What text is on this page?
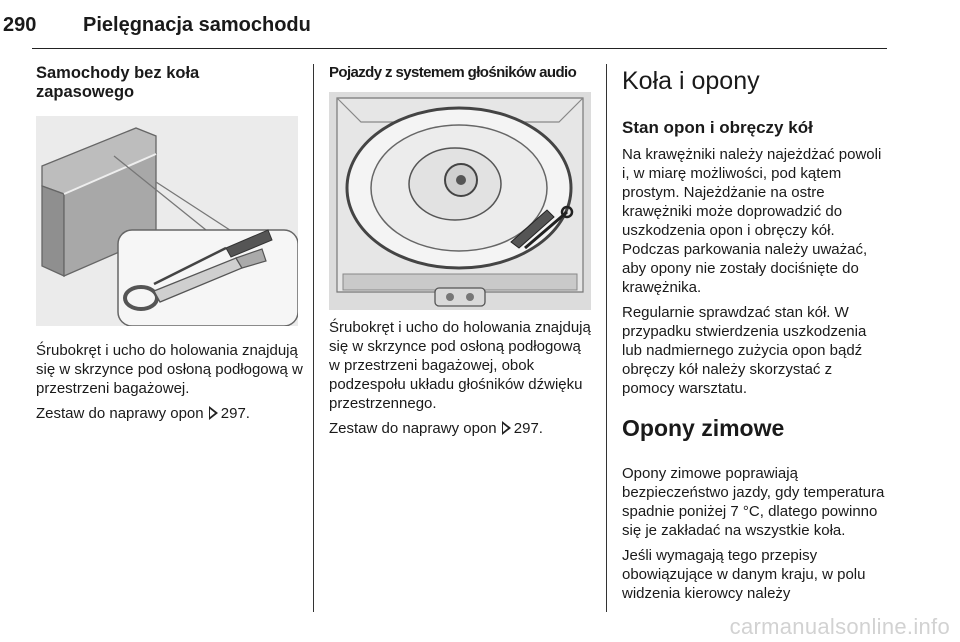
290 Pielęgnacja samochodu
Samochody bez koła zapasowego

Śrubokręt i ucho do holowania znajdują się w skrzynce pod osłoną podłogową w przestrzeni bagażowej.

Zestaw do naprawy opon 297.

Pojazdy z systemem głośników audio

Śrubokręt i ucho do holowania znajdują się w skrzynce pod osłoną podłogową w przestrzeni bagażowej, obok podzespołu układu głośników dźwięku przestrzennego.

Zestaw do naprawy opon 297.

Koła i opony
Stan opon i obręczy kół

Na krawężniki należy najeżdżać powoli i, w miarę możliwości, pod kątem prostym. Najeżdżanie na ostre krawężniki może doprowadzić do uszkodzenia opon i obręczy kół. Podczas parkowania należy uważać, aby opony nie zostały dociśnięte do krawężnika.

Regularnie sprawdzać stan kół. W przypadku stwierdzenia uszkodzenia lub nadmiernego zużycia opon bądź obręczy kół należy skorzystać z pomocy warsztatu.

Opony zimowe

Opony zimowe poprawiają bezpieczeństwo jazdy, gdy temperatura spadnie poniżej 7 °C, dlatego powinno się je zakładać na wszystkie koła.

Jeśli wymagają tego przepisy obowiązujące w danym kraju, w polu widzenia kierowcy należy

carmanualsonline.info
